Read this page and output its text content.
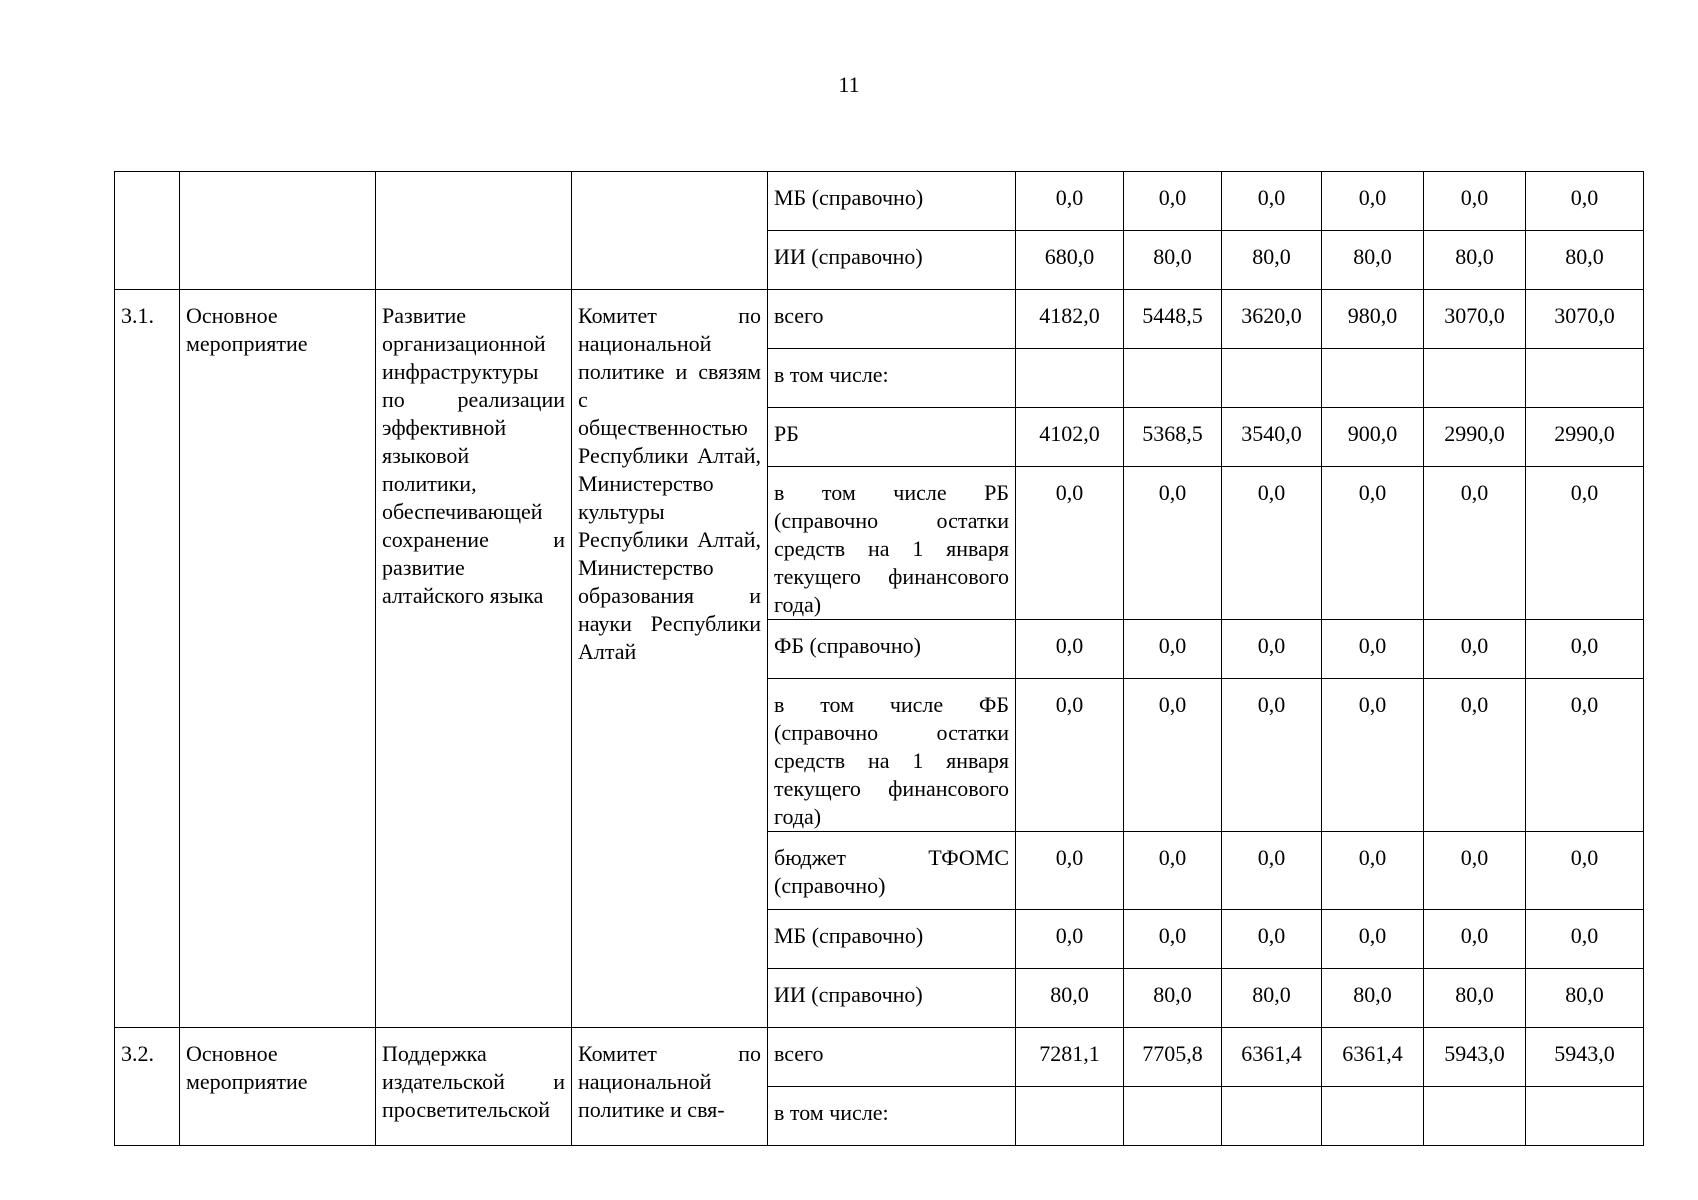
11
				МБ (справочно)	0,0	0,0	0,0	0,0	0,0	0,0
				ИИ (справочно)	680,0	80,0	80,0	80,0	80,0	80,0
3.1.	Основное мероприятие	Развитие организационной инфраструктуры по реализации эффективной языковой политики, обеспечивающей сохранение и развитие алтайского языка	Комитет по национальной политике и связям с общественностью Республики Алтай, Министерство культуры Республики Алтай, Министерство образования и науки Республики Алтай	всего	4182,0	5448,5	3620,0	980,0	3070,0	3070,0
				в том числе:						
				РБ	4102,0	5368,5	3540,0	900,0	2990,0	2990,0
				в том числе РБ (справочно остатки средств на 1 января текущего финансового года)	0,0	0,0	0,0	0,0	0,0	0,0
				ФБ (справочно)	0,0	0,0	0,0	0,0	0,0	0,0
				в том числе ФБ (справочно остатки средств на 1 января текущего финансового года)	0,0	0,0	0,0	0,0	0,0	0,0
				бюджет ТФОМС (справочно)	0,0	0,0	0,0	0,0	0,0	0,0
				МБ (справочно)	0,0	0,0	0,0	0,0	0,0	0,0
				ИИ (справочно)	80,0	80,0	80,0	80,0	80,0	80,0
3.2.	Основное мероприятие	Поддержка издательской и просветительской	Комитет по национальной политике и свя-	всего	7281,1	7705,8	6361,4	6361,4	5943,0	5943,0
				в том числе:						
